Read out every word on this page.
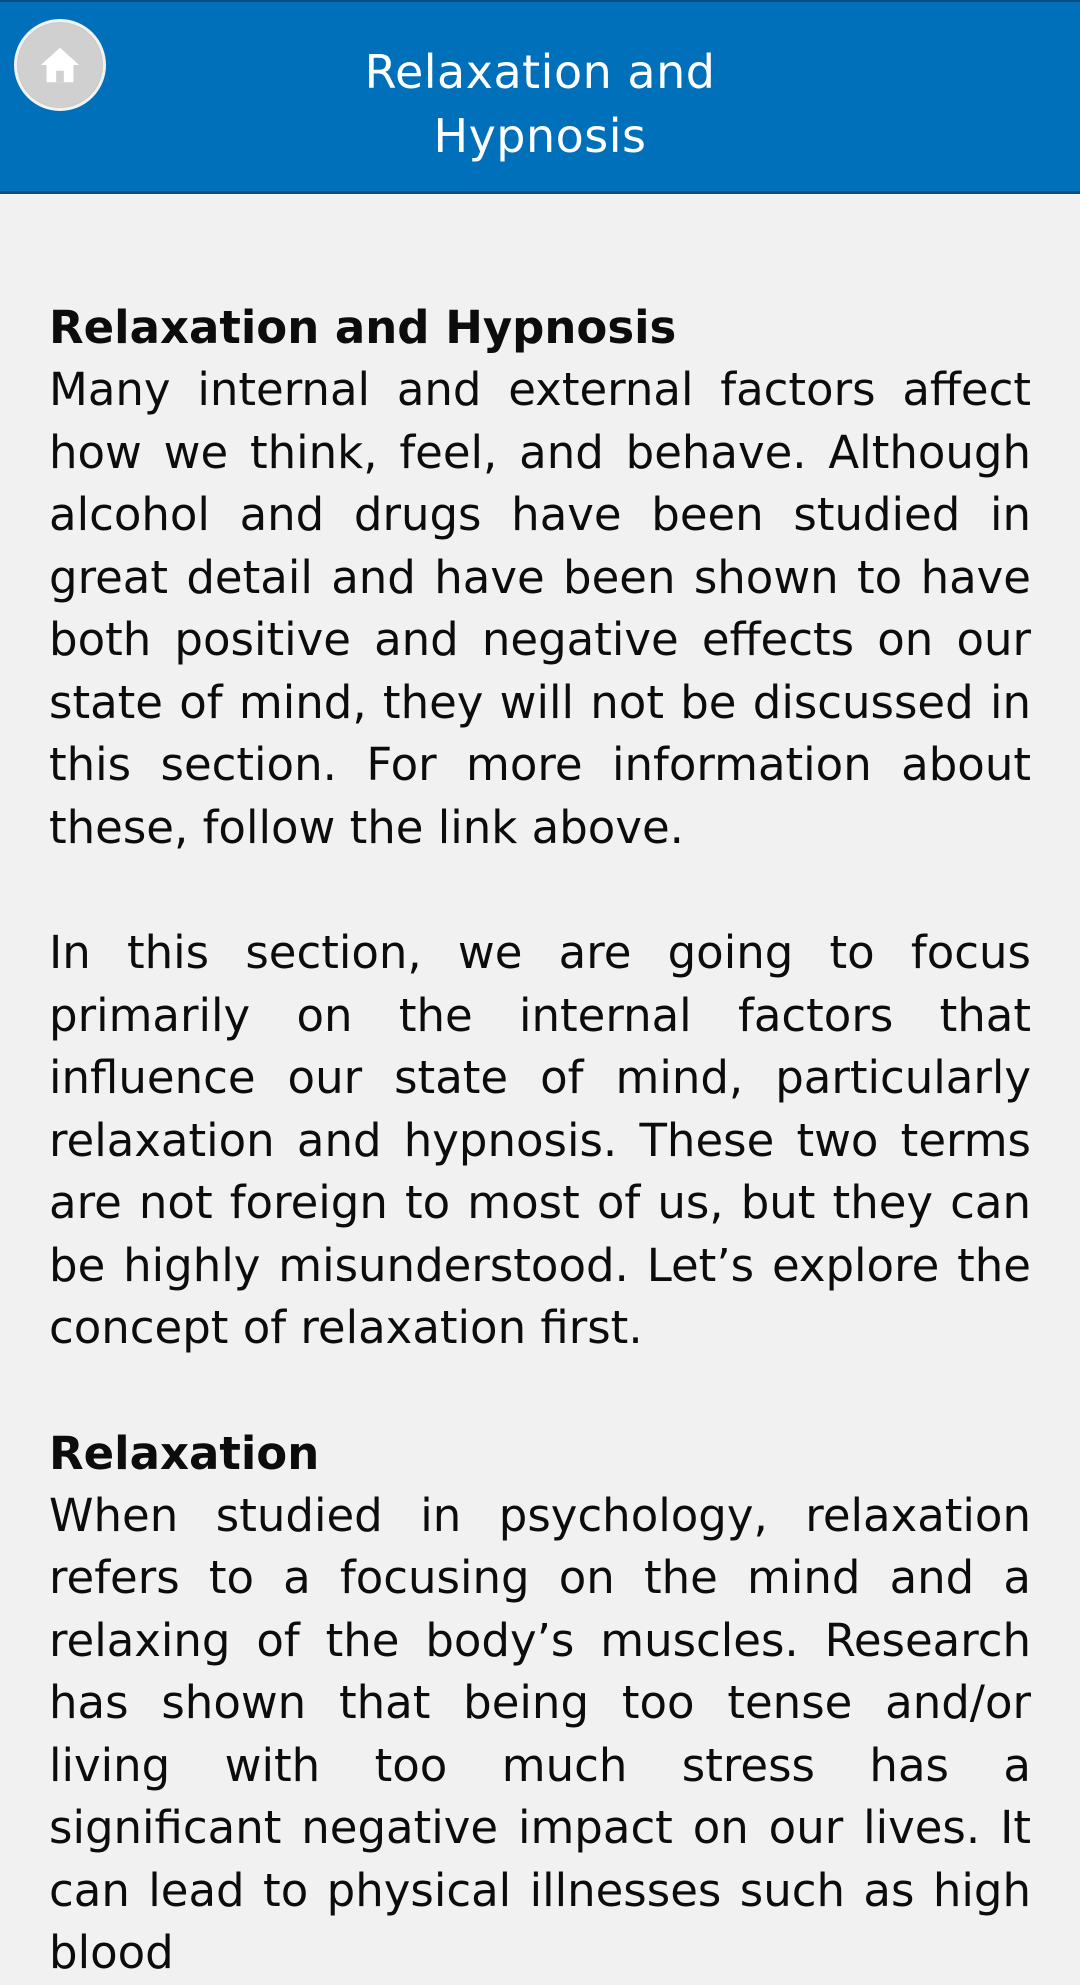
Relaxation and
Hypnosis
Relaxation and Hypnosis

Many internal and external factors affect how we think, feel, and behave. Although alcohol and drugs have been studied in great detail and have been shown to have both positive and negative effects on our state of mind, they will not be discussed in this section. For more information about these, follow the link above.

In this section, we are going to focus primarily on the internal factors that influence our state of mind, particularly relaxation and hypnosis. These two terms are not foreign to most of us, but they can be highly misunderstood. Let’s explore the concept of relaxation first.

Relaxation

When studied in psychology, relaxation refers to a focusing on the mind and a relaxing of the body’s muscles. Research has shown that being too tense and/or living with too much stress has a significant negative impact on our lives. It can lead to physical illnesses such as high blood
